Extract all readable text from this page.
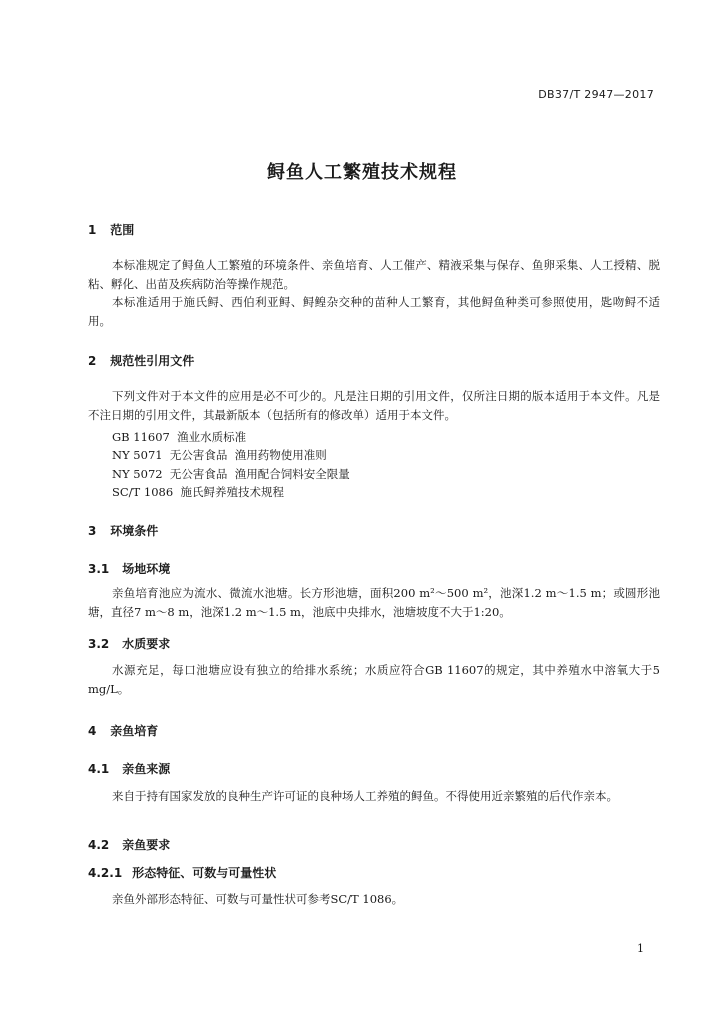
DB37/T 2947—2017
鲟鱼人工繁殖技术规程
1 范围
本标准规定了鲟鱼人工繁殖的环境条件、亲鱼培育、人工催产、精液采集与保存、鱼卵采集、人工授精、脱粘、孵化、出苗及疾病防治等操作规范。
本标准适用于施氏鲟、西伯利亚鲟、鲟鳇杂交种的苗种人工繁育，其他鲟鱼种类可参照使用，匙吻鲟不适用。
2 规范性引用文件
下列文件对于本文件的应用是必不可少的。凡是注日期的引用文件，仅所注日期的版本适用于本文件。凡是不注日期的引用文件，其最新版本（包括所有的修改单）适用于本文件。
GB 11607  渔业水质标准
NY 5071  无公害食品  渔用药物使用准则
NY 5072  无公害食品  渔用配合饲料安全限量
SC/T 1086  施氏鲟养殖技术规程
3 环境条件
3.1 场地环境
亲鱼培育池应为流水、微流水池塘。长方形池塘，面积200 m²～500 m²，池深1.2 m～1.5 m；或圆形池塘，直径7 m～8 m，池深1.2 m～1.5 m，池底中央排水，池塘坡度不大于1:20。
3.2 水质要求
水源充足，每口池塘应设有独立的给排水系统；水质应符合GB 11607的规定，其中养殖水中溶氧大于5 mg/L。
4 亲鱼培育
4.1 亲鱼来源
来自于持有国家发放的良种生产许可证的良种场人工养殖的鲟鱼。不得使用近亲繁殖的后代作亲本。
4.2 亲鱼要求
4.2.1 形态特征、可数与可量性状
亲鱼外部形态特征、可数与可量性状可参考SC/T 1086。
1
